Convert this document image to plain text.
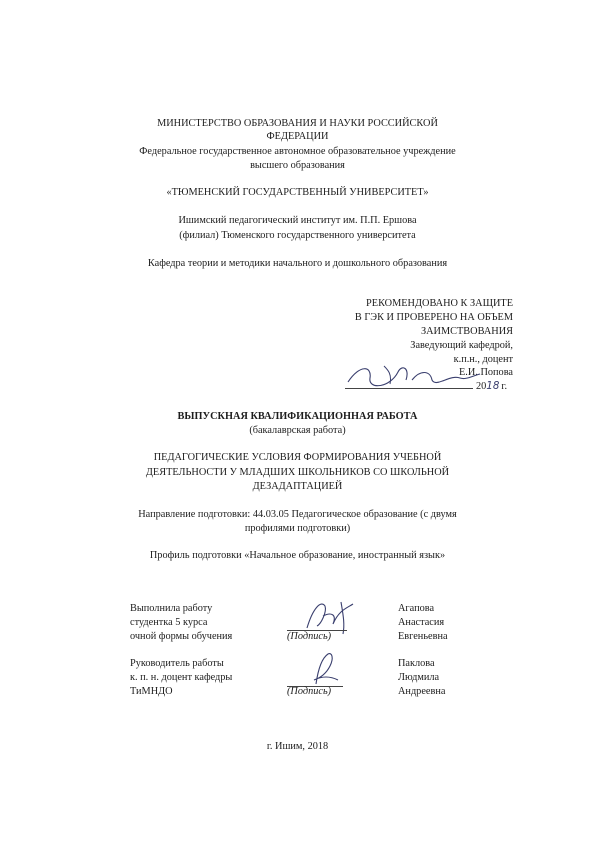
МИНИСТЕРСТВО ОБРАЗОВАНИЯ И НАУКИ РОССИЙСКОЙ
ФЕДЕРАЦИИ
Федеральное государственное автономное образовательное учреждение
высшего образования
«ТЮМЕНСКИЙ ГОСУДАРСТВЕННЫЙ УНИВЕРСИТЕТ»
Ишимский педагогический институт им. П.П. Ершова
(филиал) Тюменского государственного университета
Кафедра теории и методики начального и дошкольного образования
РЕКОМЕНДОВАНО К ЗАЩИТЕ
В ГЭК И ПРОВЕРЕНО НА ОБЪЕМ
ЗАИМСТВОВАНИЯ
Заведующий кафедрой,
к.п.н., доцент
Е.И. Попова
2018 г.
ВЫПУСКНАЯ КВАЛИФИКАЦИОННАЯ РАБОТА
(бакалаврская работа)
ПЕДАГОГИЧЕСКИЕ УСЛОВИЯ ФОРМИРОВАНИЯ УЧЕБНОЙ
ДЕЯТЕЛЬНОСТИ У МЛАДШИХ ШКОЛЬНИКОВ СО ШКОЛЬНОЙ
ДЕЗАДАПТАЦИЕЙ
Направление подготовки: 44.03.05 Педагогическое образование (с двумя
профилями подготовки)
Профиль подготовки «Начальное образование, иностранный язык»
Выполнила работу
студентка 5 курса
очной формы обучения	(Подпись)
Агапова
Анастасия
Евгеньевна
Руководитель работы
к. п. н. доцент кафедры
ТиМНДО	(Подпись)
Паклова
Людмила
Андреевна
г. Ишим, 2018
